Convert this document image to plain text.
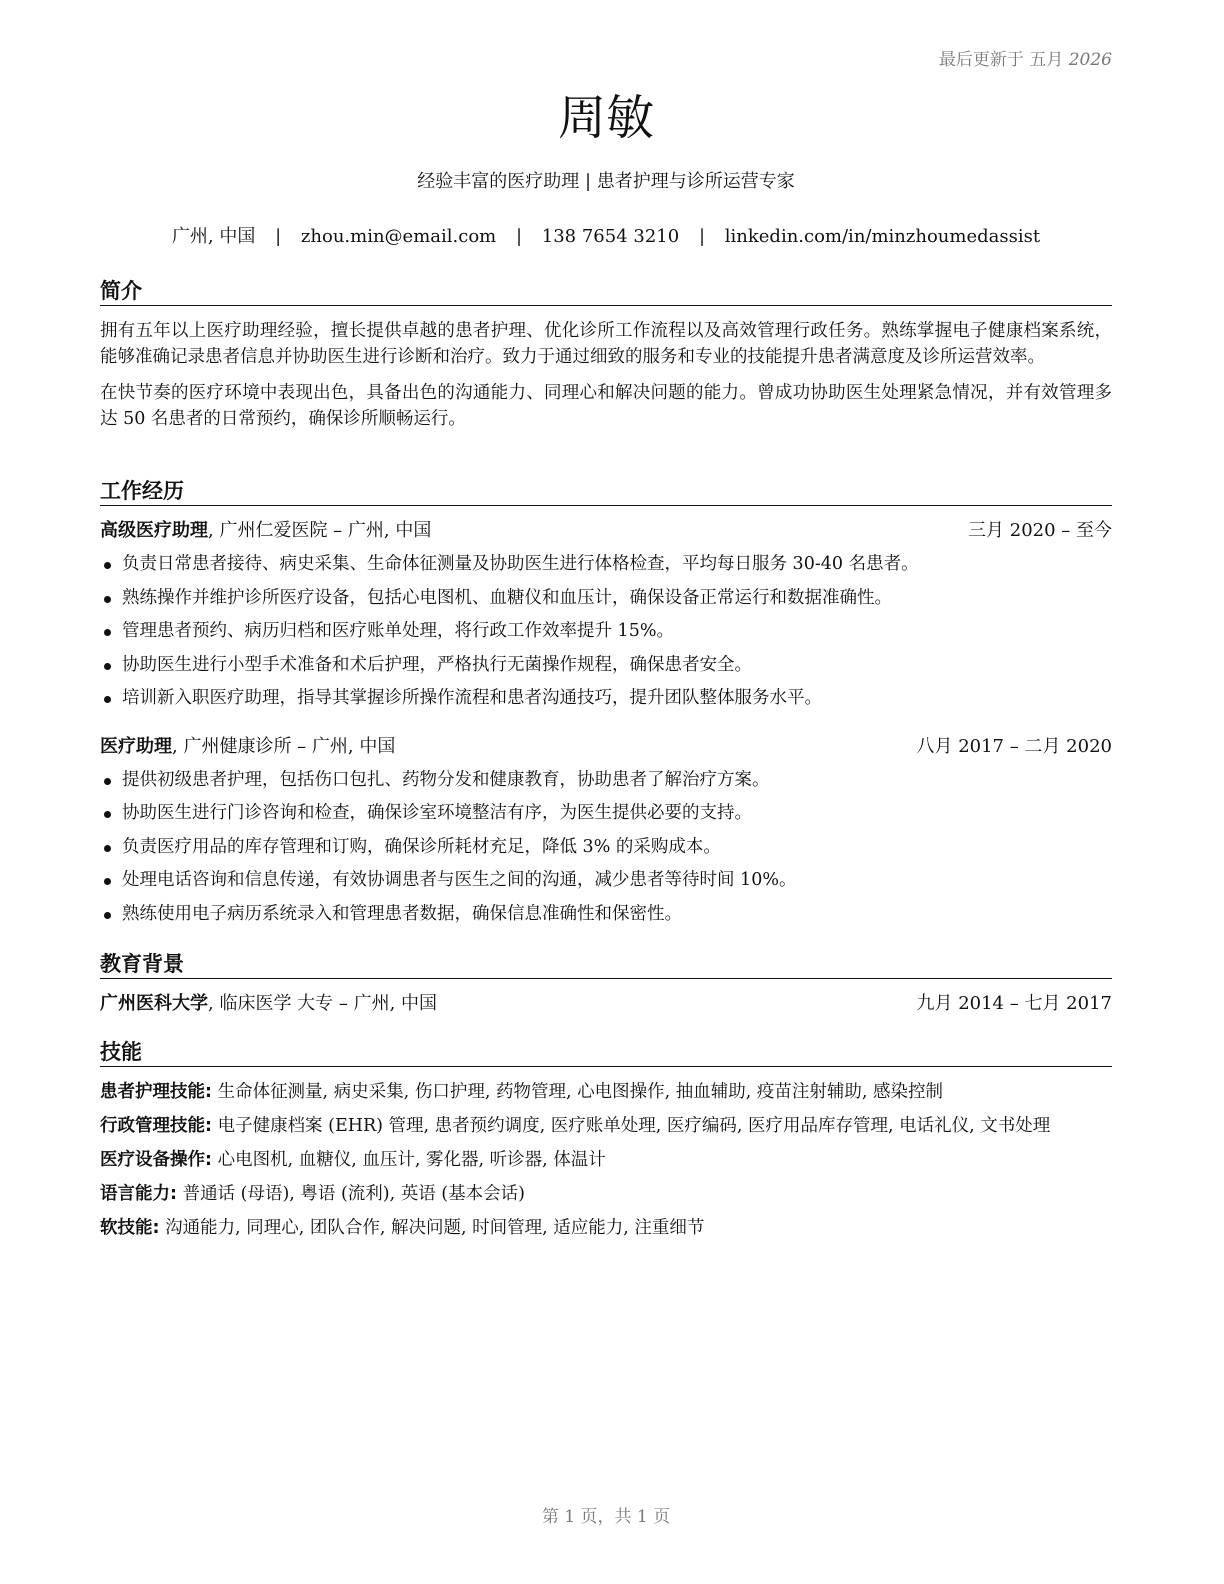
最后更新于 五月 2026
周敏
经验丰富的医疗助理 | 患者护理与诊所运营专家
广州, 中国 | zhou.min@email.com | 138 7654 3210 | linkedin.com/in/minzhoumedassist
简介

拥有五年以上医疗助理经验，擅长提供卓越的患者护理、优化诊所工作流程以及高效管理行政任务。熟练掌握电子健康档案系统，能够准确记录患者信息并协助医生进行诊断和治疗。致力于通过细致的服务和专业的技能提升患者满意度及诊所运营效率。

在快节奏的医疗环境中表现出色，具备出色的沟通能力、同理心和解决问题的能力。曾成功协助医生处理紧急情况，并有效管理多达 50 名患者的日常预约，确保诊所顺畅运行。

工作经历
高级医疗助理, 广州仁爱医院 – 广州, 中国	三月 2020 – 至今
负责日常患者接待、病史采集、生命体征测量及协助医生进行体格检查，平均每日服务 30-40 名患者。
熟练操作并维护诊所医疗设备，包括心电图机、血糖仪和血压计，确保设备正常运行和数据准确性。
管理患者预约、病历归档和医疗账单处理，将行政工作效率提升 15%。
协助医生进行小型手术准备和术后护理，严格执行无菌操作规程，确保患者安全。
培训新入职医疗助理，指导其掌握诊所操作流程和患者沟通技巧，提升团队整体服务水平。
医疗助理, 广州健康诊所 – 广州, 中国	八月 2017 – 二月 2020
提供初级患者护理，包括伤口包扎、药物分发和健康教育，协助患者了解治疗方案。
协助医生进行门诊咨询和检查，确保诊室环境整洁有序，为医生提供必要的支持。
负责医疗用品的库存管理和订购，确保诊所耗材充足，降低 3% 的采购成本。
处理电话咨询和信息传递，有效协调患者与医生之间的沟通，减少患者等待时间 10%。
熟练使用电子病历系统录入和管理患者数据，确保信息准确性和保密性。
教育背景
广州医科大学, 临床医学 大专 – 广州, 中国	九月 2014 – 七月 2017
技能
患者护理技能: 生命体征测量, 病史采集, 伤口护理, 药物管理, 心电图操作, 抽血辅助, 疫苗注射辅助, 感染控制
行政管理技能: 电子健康档案 (EHR) 管理, 患者预约调度, 医疗账单处理, 医疗编码, 医疗用品库存管理, 电话礼仪, 文书处理
医疗设备操作: 心电图机, 血糖仪, 血压计, 雾化器, 听诊器, 体温计
语言能力: 普通话 (母语), 粤语 (流利), 英语 (基本会话)
软技能: 沟通能力, 同理心, 团队合作, 解决问题, 时间管理, 适应能力, 注重细节
第 1 页，共 1 页
